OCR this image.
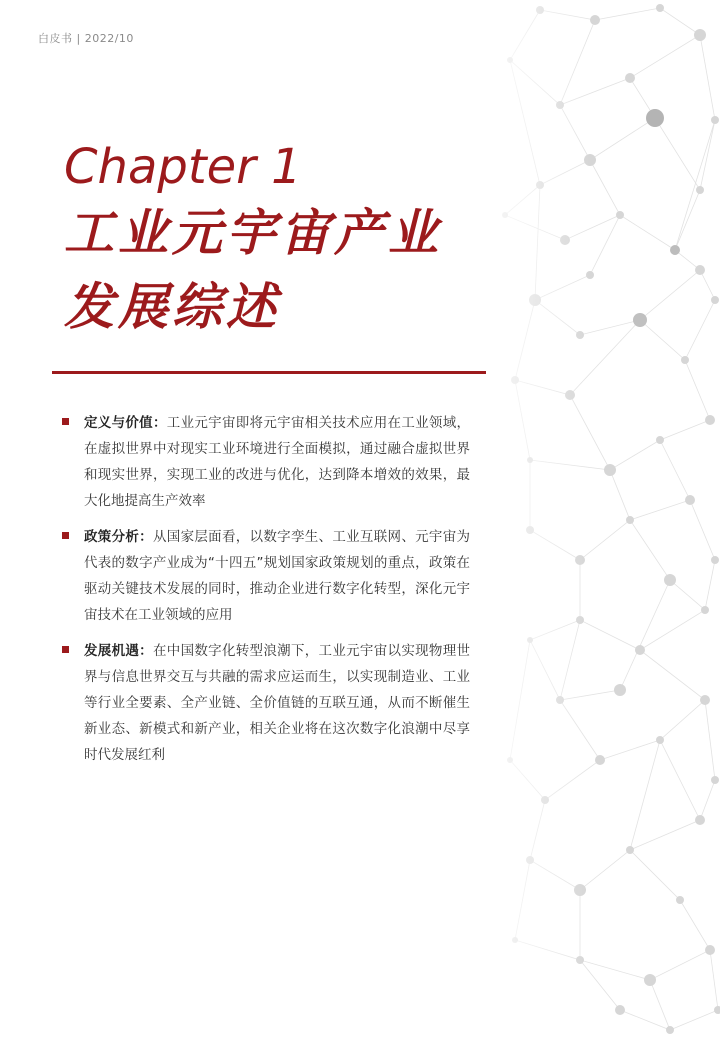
白皮书 | 2022/10
Chapter 1
工业元宇宙产业
发展综述
定义与价值：工业元宇宙即将元宇宙相关技术应用在工业领域，在虚拟世界中对现实工业环境进行全面模拟，通过融合虚拟世界和现实世界，实现工业的改进与优化，达到降本增效的效果，最大化地提高生产效率
政策分析：从国家层面看，以数字孪生、工业互联网、元宇宙为代表的数字产业成为“十四五”规划国家政策规划的重点，政策在驱动关键技术发展的同时，推动企业进行数字化转型，深化元宇宙技术在工业领域的应用
发展机遇：在中国数字化转型浪潮下，工业元宇宙以实现物理世界与信息世界交互与共融的需求应运而生，以实现制造业、工业等行业全要素、全产业链、全价值链的互联互通，从而不断催生新业态、新模式和新产业，相关企业将在这次数字化浪潮中尽享时代发展红利
